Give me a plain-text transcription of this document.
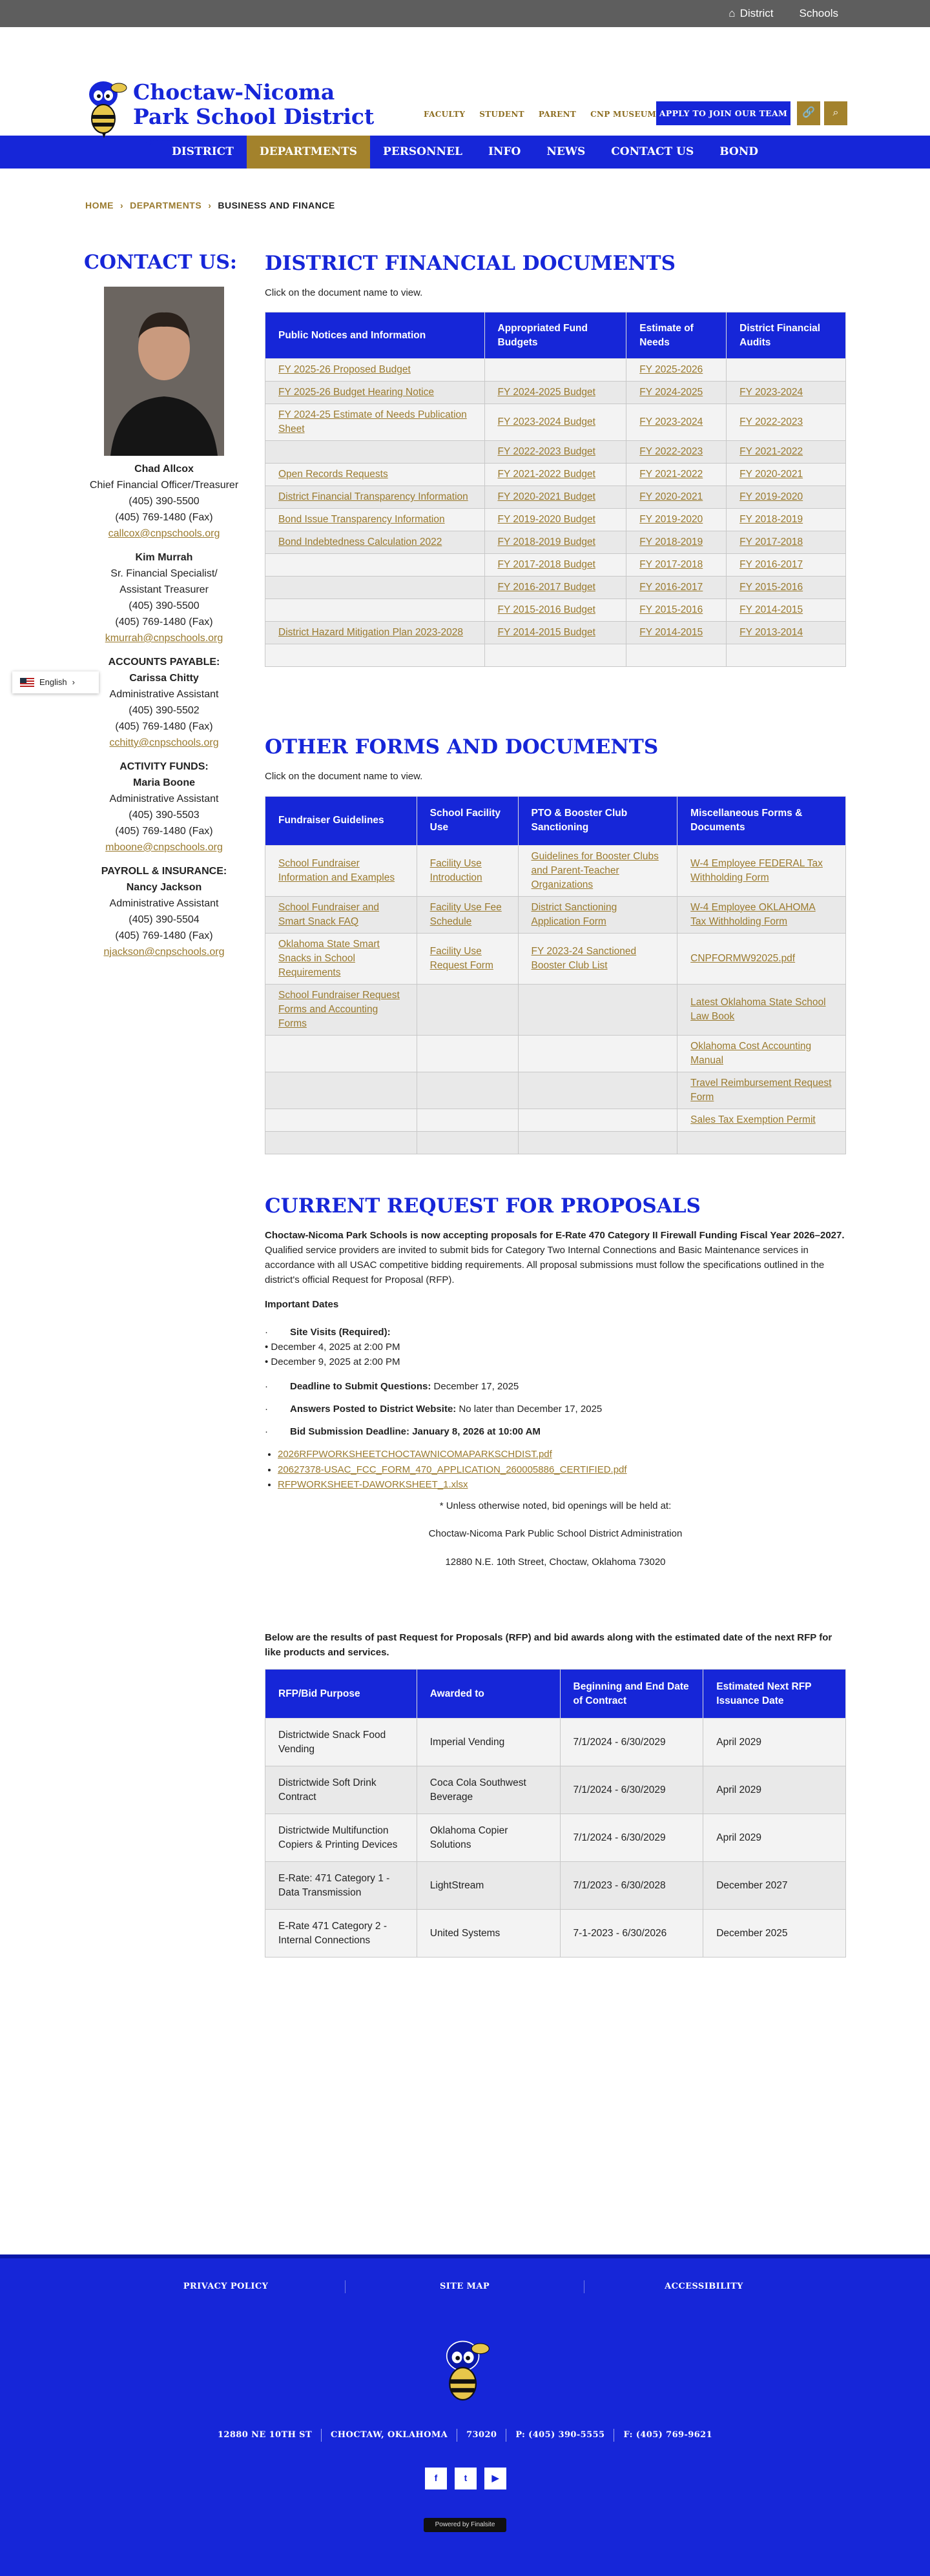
⌂ District Schools
Choctaw-Nicoma
Park School District
"Expect Excellence"
FACULTY STUDENT PARENT CNP MUSEUM APPLY TO JOIN OUR TEAM	🔗 ⌕
DISTRICT	DEPARTMENTS	PERSONNEL	INFO	NEWS	CONTACT US	BOND
HOME › DEPARTMENTS › BUSINESS AND FINANCE
CONTACT US:
Chad Allcox
Chief Financial Officer/Treasurer
(405) 390-5500
(405) 769-1480 (Fax)
callcox@cnpschools.org
Kim Murrah
Sr. Financial Specialist/
Assistant Treasurer
(405) 390-5500
(405) 769-1480 (Fax)
kmurrah@cnpschools.org
ACCOUNTS PAYABLE:
Carissa Chitty
Administrative Assistant
(405) 390-5502
(405) 769-1480 (Fax)
cchitty@cnpschools.org
ACTIVITY FUNDS:
Maria Boone
Administrative Assistant
(405) 390-5503
(405) 769-1480 (Fax)
mboone@cnpschools.org
PAYROLL & INSURANCE:
Nancy Jackson
Administrative Assistant
(405) 390-5504
(405) 769-1480 (Fax)
njackson@cnpschools.org
English ›
DISTRICT FINANCIAL DOCUMENTS
Click on the document name to view.
Public Notices and Information	Appropriated Fund Budgets	Estimate of Needs	District Financial Audits
FY 2025-26 Proposed Budget		FY 2025-2026	
FY 2025-26 Budget Hearing Notice	FY 2024-2025 Budget	FY 2024-2025	FY 2023-2024
FY 2024-25 Estimate of Needs Publication Sheet	FY 2023-2024 Budget	FY 2023-2024	FY 2022-2023
	FY 2022-2023 Budget	FY 2022-2023	FY 2021-2022
Open Records Requests	FY 2021-2022 Budget	FY 2021-2022	FY 2020-2021
District Financial Transparency Information	FY 2020-2021 Budget	FY 2020-2021	FY 2019-2020
Bond Issue Transparency Information	FY 2019-2020 Budget	FY 2019-2020	FY 2018-2019
Bond Indebtedness Calculation 2022	FY 2018-2019 Budget	FY 2018-2019	FY 2017-2018
	FY 2017-2018 Budget	FY 2017-2018	FY 2016-2017
	FY 2016-2017 Budget	FY 2016-2017	FY 2015-2016
	FY 2015-2016 Budget	FY 2015-2016	FY 2014-2015
District Hazard Mitigation Plan 2023-2028	FY 2014-2015 Budget	FY 2014-2015	FY 2013-2014

OTHER FORMS AND DOCUMENTS
Click on the document name to view.
Fundraiser Guidelines	School Facility Use	PTO & Booster Club Sanctioning	Miscellaneous Forms & Documents
School Fundraiser Information and Examples	Facility Use Introduction	Guidelines for Booster Clubs and Parent-Teacher Organizations	W-4 Employee FEDERAL Tax Withholding Form
School Fundraiser and Smart Snack FAQ	Facility Use Fee Schedule	District Sanctioning Application Form	W-4 Employee OKLAHOMA Tax Withholding Form
Oklahoma State Smart Snacks in School Requirements	Facility Use Request Form	FY 2023-24 Sanctioned Booster Club List	CNPFORMW92025.pdf
School Fundraiser Request Forms and Accounting Forms			Latest Oklahoma State School Law Book
			Oklahoma Cost Accounting Manual
			Travel Reimbursement Request Form
			Sales Tax Exemption Permit

CURRENT REQUEST FOR PROPOSALS

Choctaw-Nicoma Park Schools is now accepting proposals for E-Rate 470 Category II Firewall Funding Fiscal Year 2026–2027. Qualified service providers are invited to submit bids for Category Two Internal Connections and Basic Maintenance services in accordance with all USAC competitive bidding requirements. All proposal submissions must follow the specifications outlined in the district's official Request for Proposal (RFP).

Important Dates

· Site Visits (Required):
• December 4, 2025 at 2:00 PM
• December 9, 2025 at 2:00 PM
· Deadline to Submit Questions: December 17, 2025
· Answers Posted to District Website: No later than December 17, 2025
· Bid Submission Deadline: January 8, 2026 at 10:00 AM
• 2026RFPWORKSHEETCHOCTAWNICOMAPARKSCHDIST.pdf
• 20627378-USAC_FCC_FORM_470_APPLICATION_260005886_CERTIFIED.pdf
• RFPWORKSHEET-DAWORKSHEET_1.xlsx

* Unless otherwise noted, bid openings will be held at:

Choctaw-Nicoma Park Public School District Administration

12880 N.E. 10th Street, Choctaw, Oklahoma 73020

Below are the results of past Request for Proposals (RFP) and bid awards along with the estimated date of the next RFP for like products and services.

RFP/Bid Purpose	Awarded to	Beginning and End Date of Contract	Estimated Next RFP Issuance Date
Districtwide Snack Food Vending	Imperial Vending	7/1/2024 - 6/30/2029	April 2029
Districtwide Soft Drink Contract	Coca Cola Southwest Beverage	7/1/2024 - 6/30/2029	April 2029
Districtwide Multifunction Copiers & Printing Devices	Oklahoma Copier Solutions	7/1/2024 - 6/30/2029	April 2029
E-Rate: 471 Category 1 - Data Transmission	LightStream	7/1/2023 - 6/30/2028	December 2027
E-Rate 471 Category 2 - Internal Connections	United Systems	7-1-2023 - 6/30/2026	December 2025
PRIVACY POLICY	SITE MAP	ACCESSIBILITY
12880 NE 10TH ST	CHOCTAW, OKLAHOMA	73020	P: (405) 390-5555	F: (405) 769-9621
f	t	▶
Powered by Finalsite
